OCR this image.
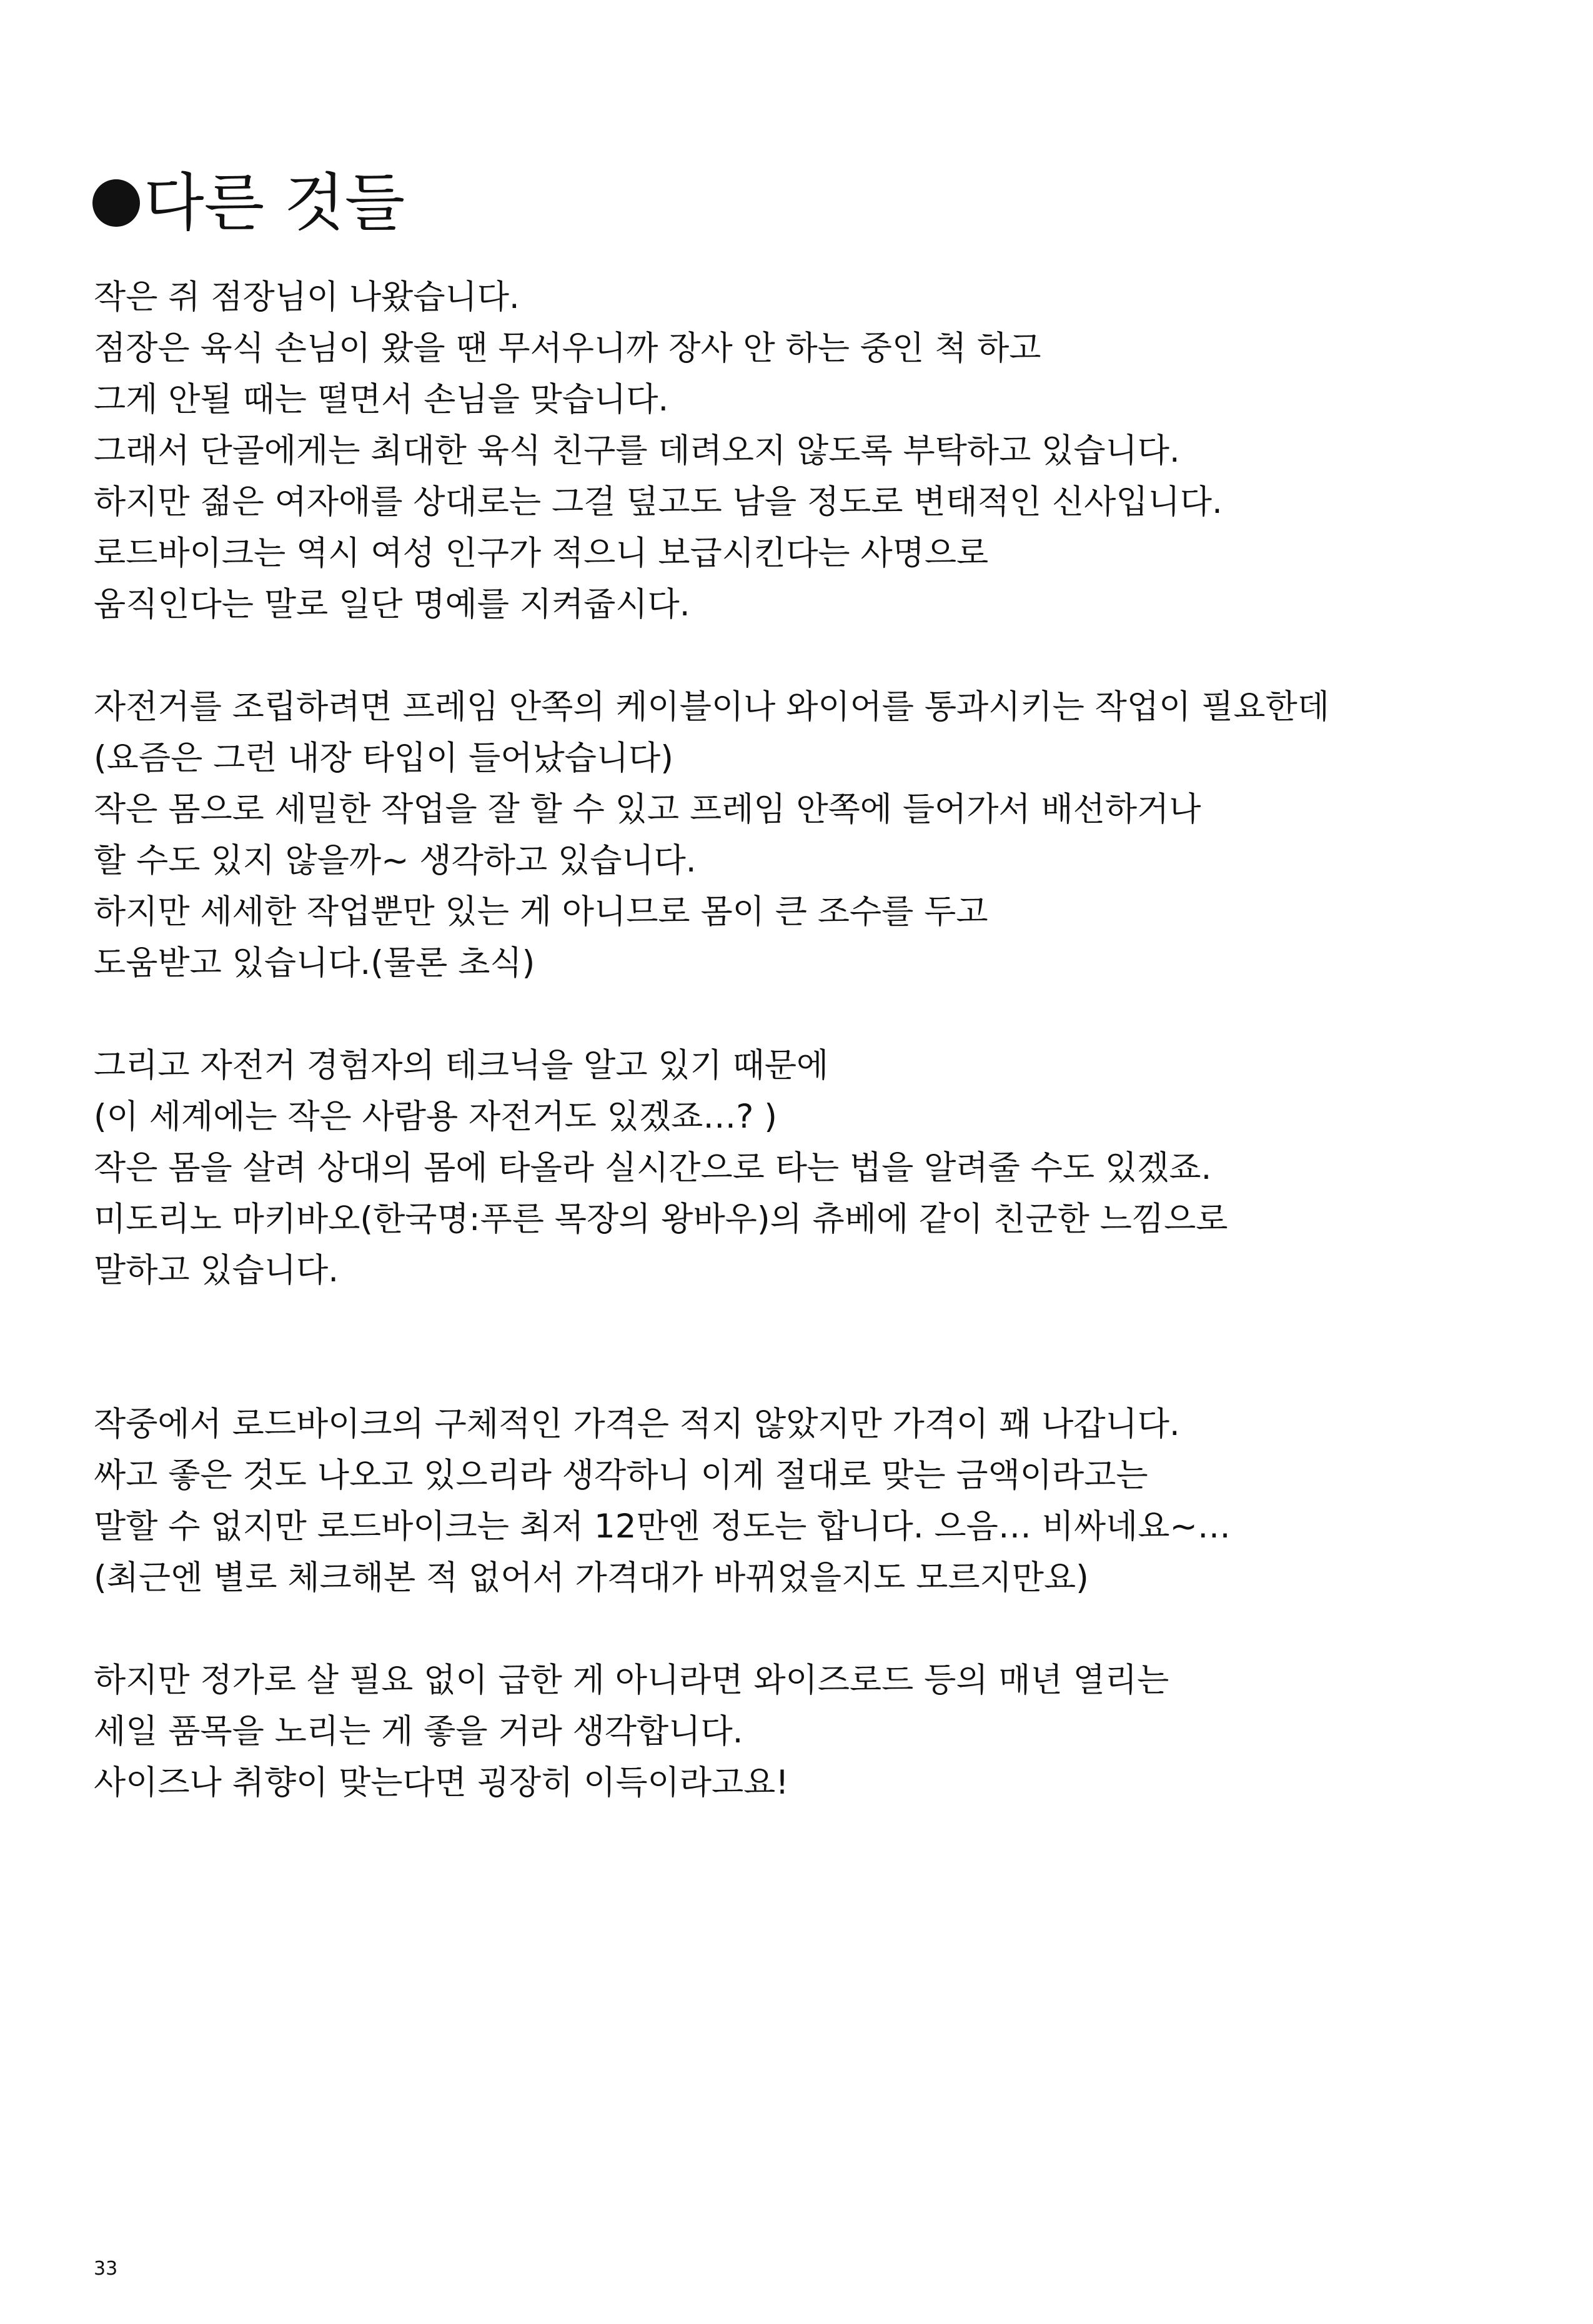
다른 것들
작은 쥐 점장님이 나왔습니다.
점장은 육식 손님이 왔을 땐 무서우니까 장사 안 하는 중인 척 하고
그게 안될 때는 떨면서 손님을 맞습니다.
그래서 단골에게는 최대한 육식 친구를 데려오지 않도록 부탁하고 있습니다.
하지만 젊은 여자애를 상대로는 그걸 덮고도 남을 정도로 변태적인 신사입니다.
로드바이크는 역시 여성 인구가 적으니 보급시킨다는 사명으로
움직인다는 말로 일단 명예를 지켜줍시다.
자전거를 조립하려면 프레임 안쪽의 케이블이나 와이어를 통과시키는 작업이 필요한데
(요즘은 그런 내장 타입이 들어났습니다)
작은 몸으로 세밀한 작업을 잘 할 수 있고 프레임 안쪽에 들어가서 배선하거나
할 수도 있지 않을까~ 생각하고 있습니다.
하지만 세세한 작업뿐만 있는 게 아니므로 몸이 큰 조수를 두고
도움받고 있습니다.(물론 초식)
그리고 자전거 경험자의 테크닉을 알고 있기 때문에
(이 세계에는 작은 사람용 자전거도 있겠죠…? )
작은 몸을 살려 상대의 몸에 타올라 실시간으로 타는 법을 알려줄 수도 있겠죠.
미도리노 마키바오(한국명:푸른 목장의 왕바우)의 츄베에 같이 친군한 느낌으로
말하고 있습니다.
작중에서 로드바이크의 구체적인 가격은 적지 않았지만 가격이 꽤 나갑니다.
싸고 좋은 것도 나오고 있으리라 생각하니 이게 절대로 맞는 금액이라고는
말할 수 없지만 로드바이크는 최저 12만엔 정도는 합니다. 으음… 비싸네요~…
(최근엔 별로 체크해본 적 없어서 가격대가 바뀌었을지도 모르지만요)
하지만 정가로 살 필요 없이 급한 게 아니라면 와이즈로드 등의 매년 열리는
세일 품목을 노리는 게 좋을 거라 생각합니다.
사이즈나 취향이 맞는다면 굉장히 이득이라고요!
33
